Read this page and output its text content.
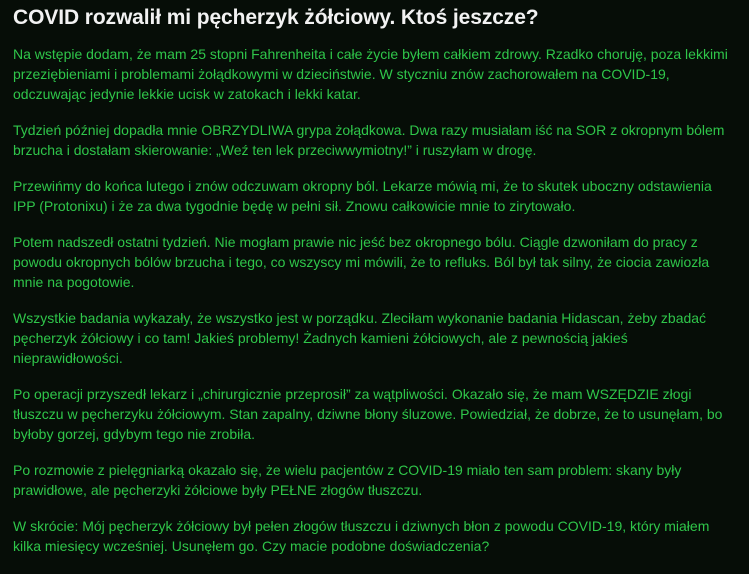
COVID rozwalił mi pęcherzyk żółciowy. Ktoś jeszcze?

Na wstępie dodam, że mam 25 stopni Fahrenheita i całe życie byłem całkiem zdrowy. Rzadko choruję, poza lekkimi przeziębieniami i problemami żołądkowymi w dzieciństwie. W styczniu znów zachorowałem na COVID-19, odczuwając jedynie lekkie ucisk w zatokach i lekki katar.

Tydzień później dopadła mnie OBRZYDLIWA grypa żołądkowa. Dwa razy musiałam iść na SOR z okropnym bólem brzucha i dostałam skierowanie: „Weź ten lek przeciwwymiotny!” i ruszyłam w drogę.

Przewińmy do końca lutego i znów odczuwam okropny ból. Lekarze mówią mi, że to skutek uboczny odstawienia IPP (Protonixu) i że za dwa tygodnie będę w pełni sił. Znowu całkowicie mnie to zirytowało.

Potem nadszedł ostatni tydzień. Nie mogłam prawie nic jeść bez okropnego bólu. Ciągle dzwoniłam do pracy z powodu okropnych bólów brzucha i tego, co wszyscy mi mówili, że to refluks. Ból był tak silny, że ciocia zawiozła mnie na pogotowie.

Wszystkie badania wykazały, że wszystko jest w porządku. Zleciłam wykonanie badania Hidascan, żeby zbadać pęcherzyk żółciowy i co tam! Jakieś problemy! Żadnych kamieni żółciowych, ale z pewnością jakieś nieprawidłowości.

Po operacji przyszedł lekarz i „chirurgicznie przeprosił” za wątpliwości. Okazało się, że mam WSZĘDZIE złogi tłuszczu w pęcherzyku żółciowym. Stan zapalny, dziwne błony śluzowe. Powiedział, że dobrze, że to usunęłam, bo byłoby gorzej, gdybym tego nie zrobiła.

Po rozmowie z pielęgniarką okazało się, że wielu pacjentów z COVID-19 miało ten sam problem: skany były prawidłowe, ale pęcherzyki żółciowe były PEŁNE złogów tłuszczu.

W skrócie: Mój pęcherzyk żółciowy był pełen złogów tłuszczu i dziwnych błon z powodu COVID-19, który miałem kilka miesięcy wcześniej. Usunęłem go. Czy macie podobne doświadczenia?
